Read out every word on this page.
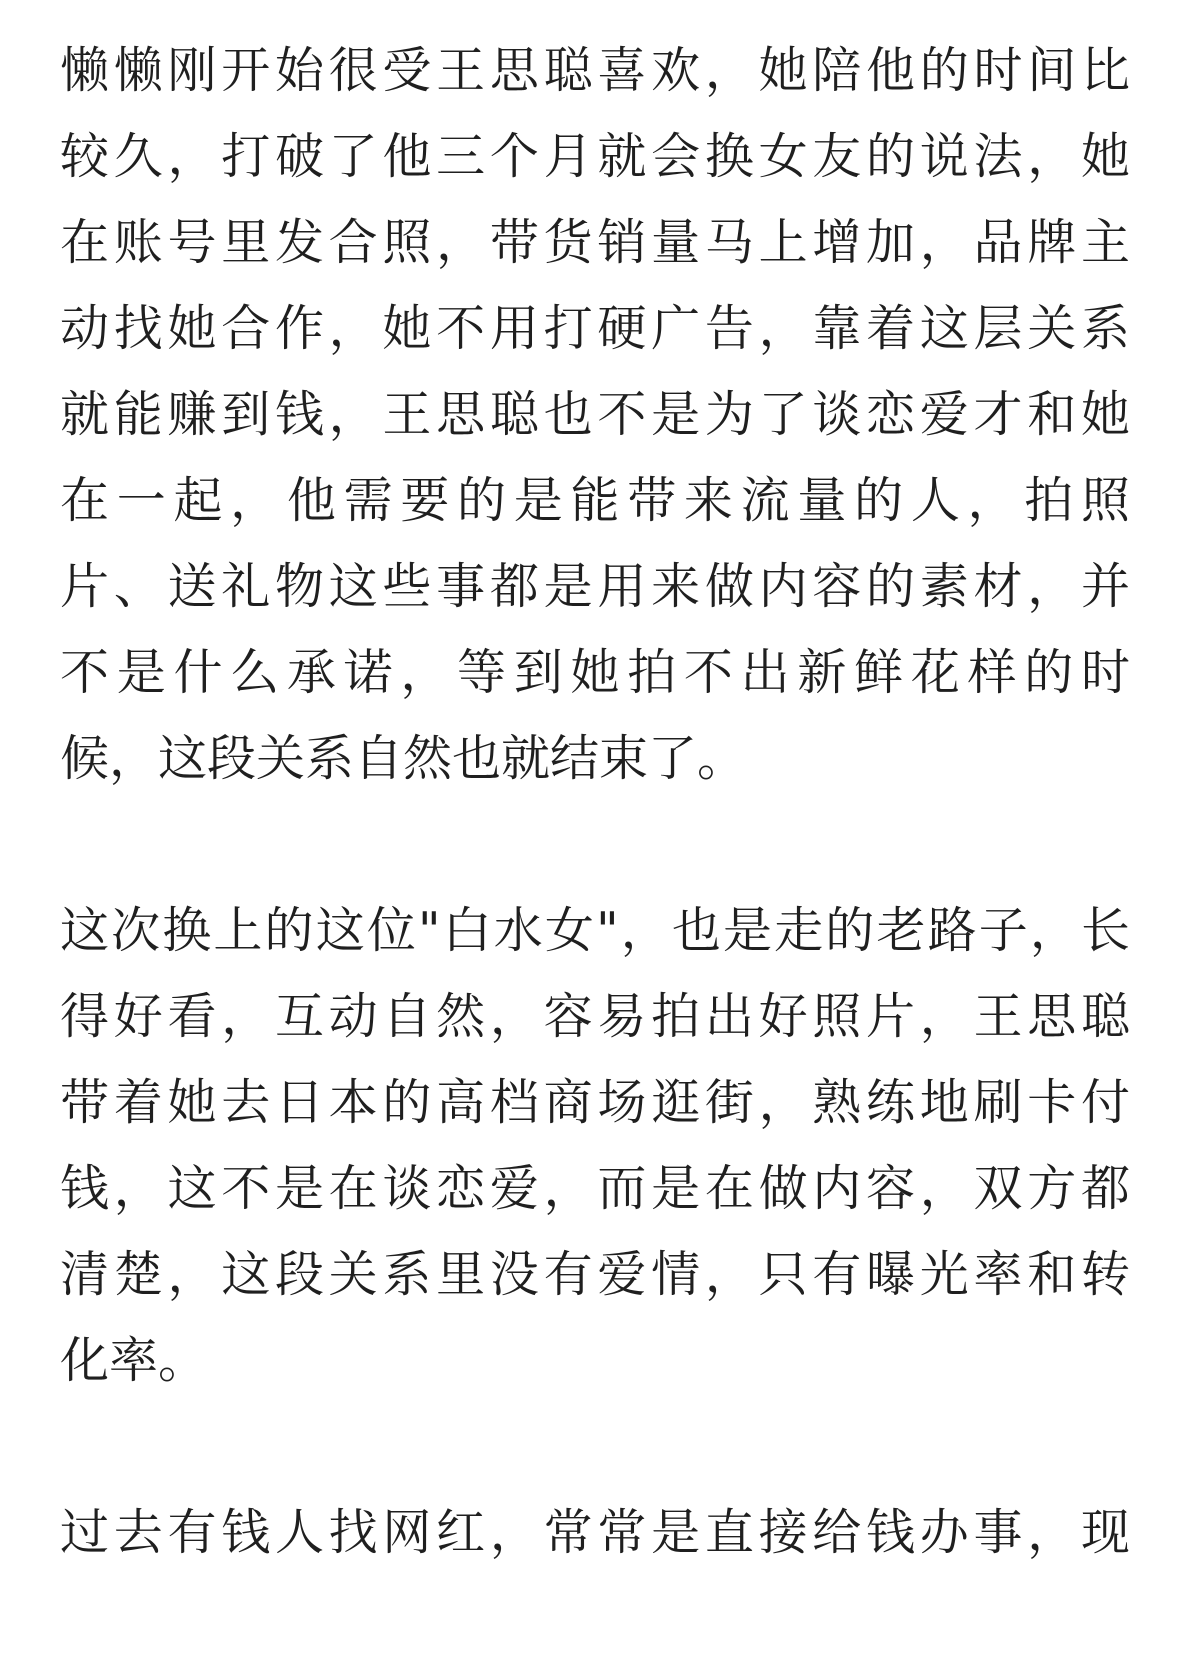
懒懒刚开始很受王思聪喜欢，她陪他的时间比
较久，打破了他三个月就会换女友的说法，她
在账号里发合照，带货销量马上增加，品牌主
动找她合作，她不用打硬广告，靠着这层关系
就能赚到钱，王思聪也不是为了谈恋爱才和她
在一起，他需要的是能带来流量的人，拍照
片、送礼物这些事都是用来做内容的素材，并
不是什么承诺，等到她拍不出新鲜花样的时
候，这段关系自然也就结束了。
这次换上的这位"白水女"，也是走的老路子，长
得好看，互动自然，容易拍出好照片，王思聪
带着她去日本的高档商场逛街，熟练地刷卡付
钱，这不是在谈恋爱，而是在做内容，双方都
清楚，这段关系里没有爱情，只有曝光率和转
化率。
过去有钱人找网红，常常是直接给钱办事，现
